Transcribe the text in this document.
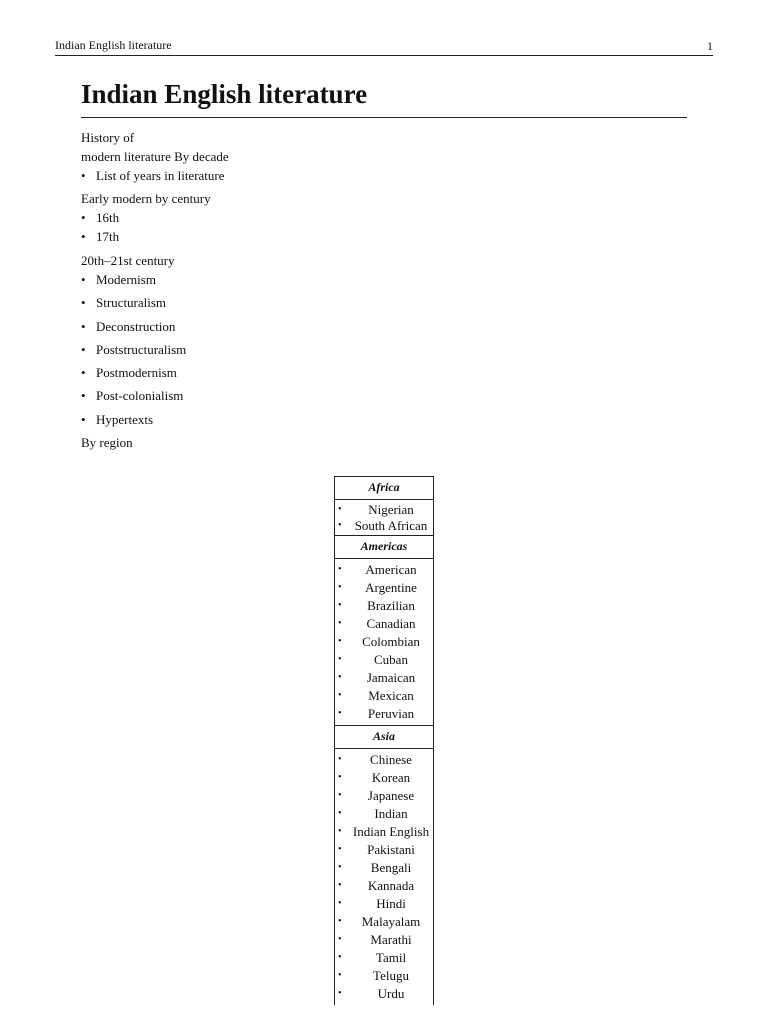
Indian English literature	1
Indian English literature
History of
modern literature By decade
• List of years in literature
Early modern by century
• 16th
• 17th
20th–21st century
• Modernism
• Structuralism
• Deconstruction
• Poststructuralism
• Postmodernism
• Post-colonialism
• Hypertexts
By region
Africa
• Nigerian
• South African
Americas
• American
• Argentine
• Brazilian
• Canadian
• Colombian
•	Cuban
• Jamaican
• Mexican
• Peruvian
Asia
• Chinese
• Korean
• Japanese
•	Indian
• Indian English
• Pakistani
• Bengali
• Kannada
•	Hindi
• Malayalam
• Marathi
•	Tamil
• Telugu
•	Urdu
